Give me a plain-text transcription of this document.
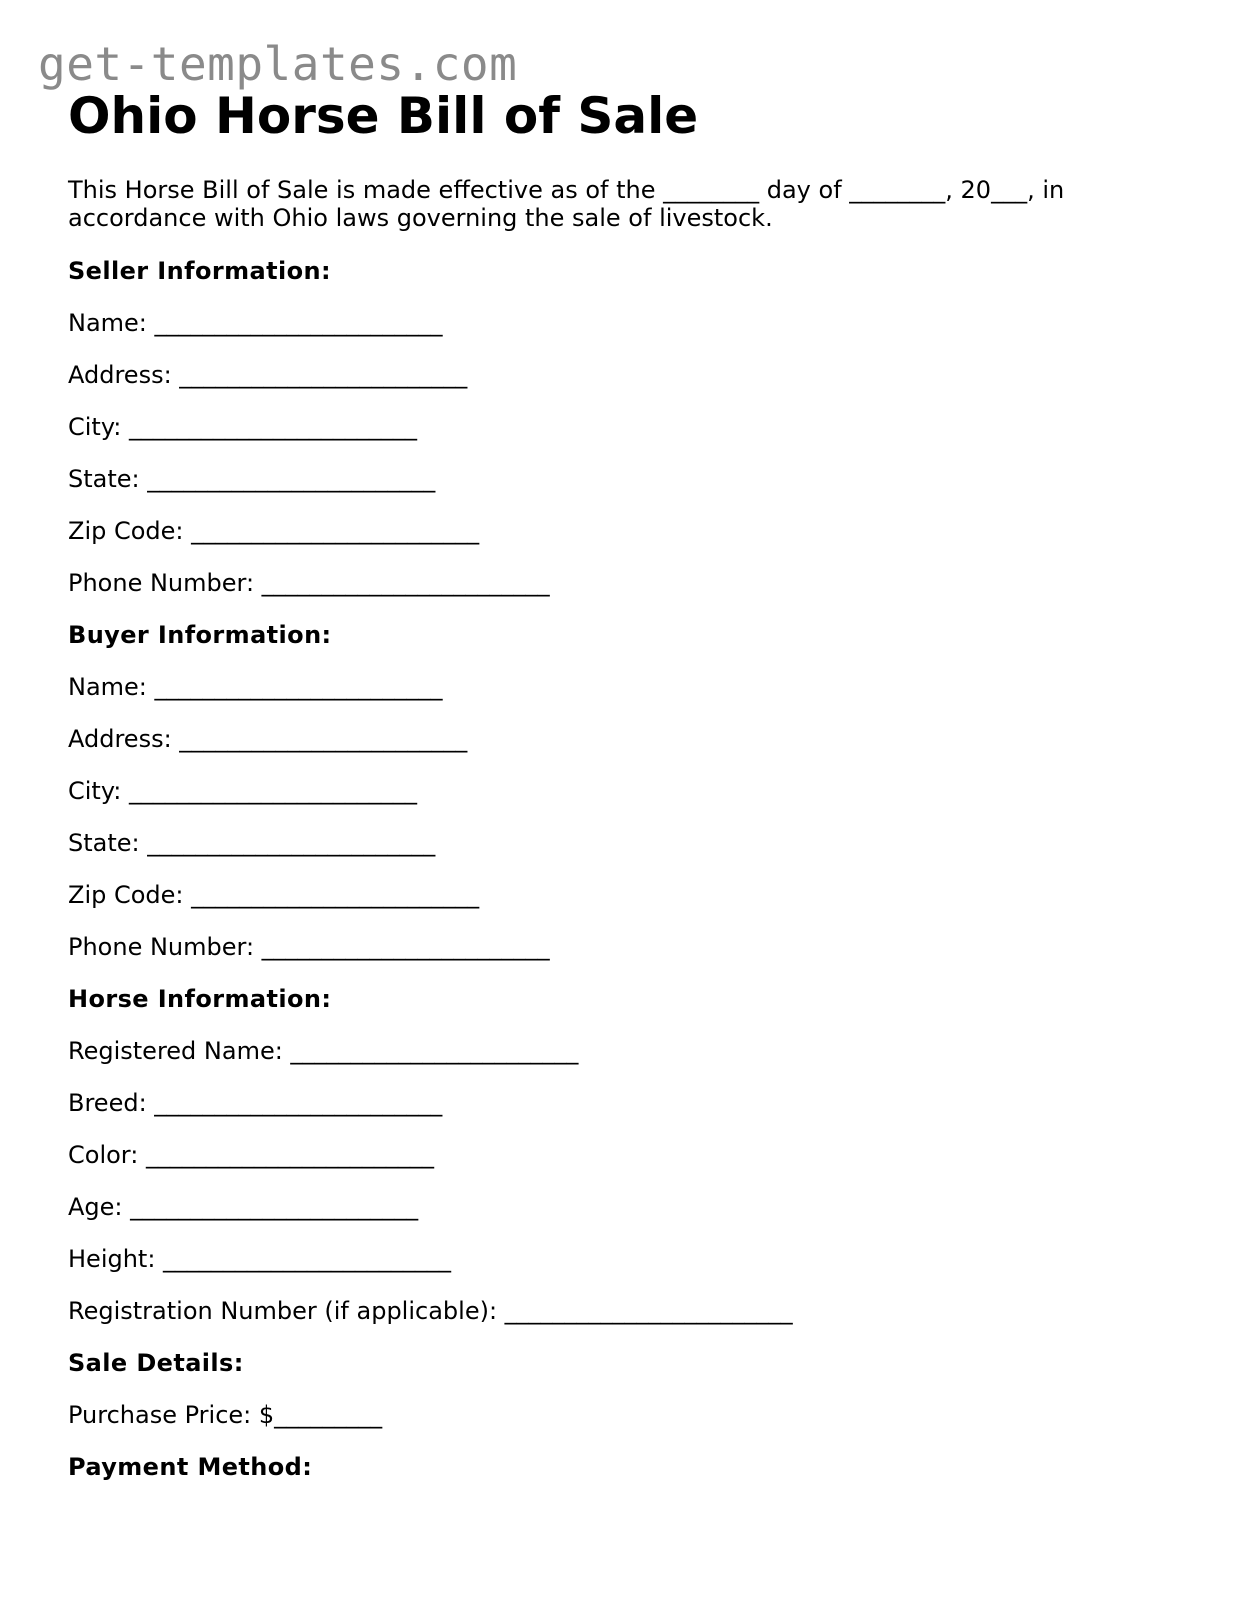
get-templates.com
Ohio Horse Bill of Sale

This Horse Bill of Sale is made effective as of the ________ day of ________, 20___, in
accordance with Ohio laws governing the sale of livestock.

Seller Information:

Name: ________________________

Address: ________________________

City: ________________________

State: ________________________

Zip Code: ________________________

Phone Number: ________________________

Buyer Information:

Name: ________________________

Address: ________________________

City: ________________________

State: ________________________

Zip Code: ________________________

Phone Number: ________________________

Horse Information:

Registered Name: ________________________

Breed: ________________________

Color: ________________________

Age: ________________________

Height: ________________________

Registration Number (if applicable): ________________________

Sale Details:

Purchase Price: $_________

Payment Method:
